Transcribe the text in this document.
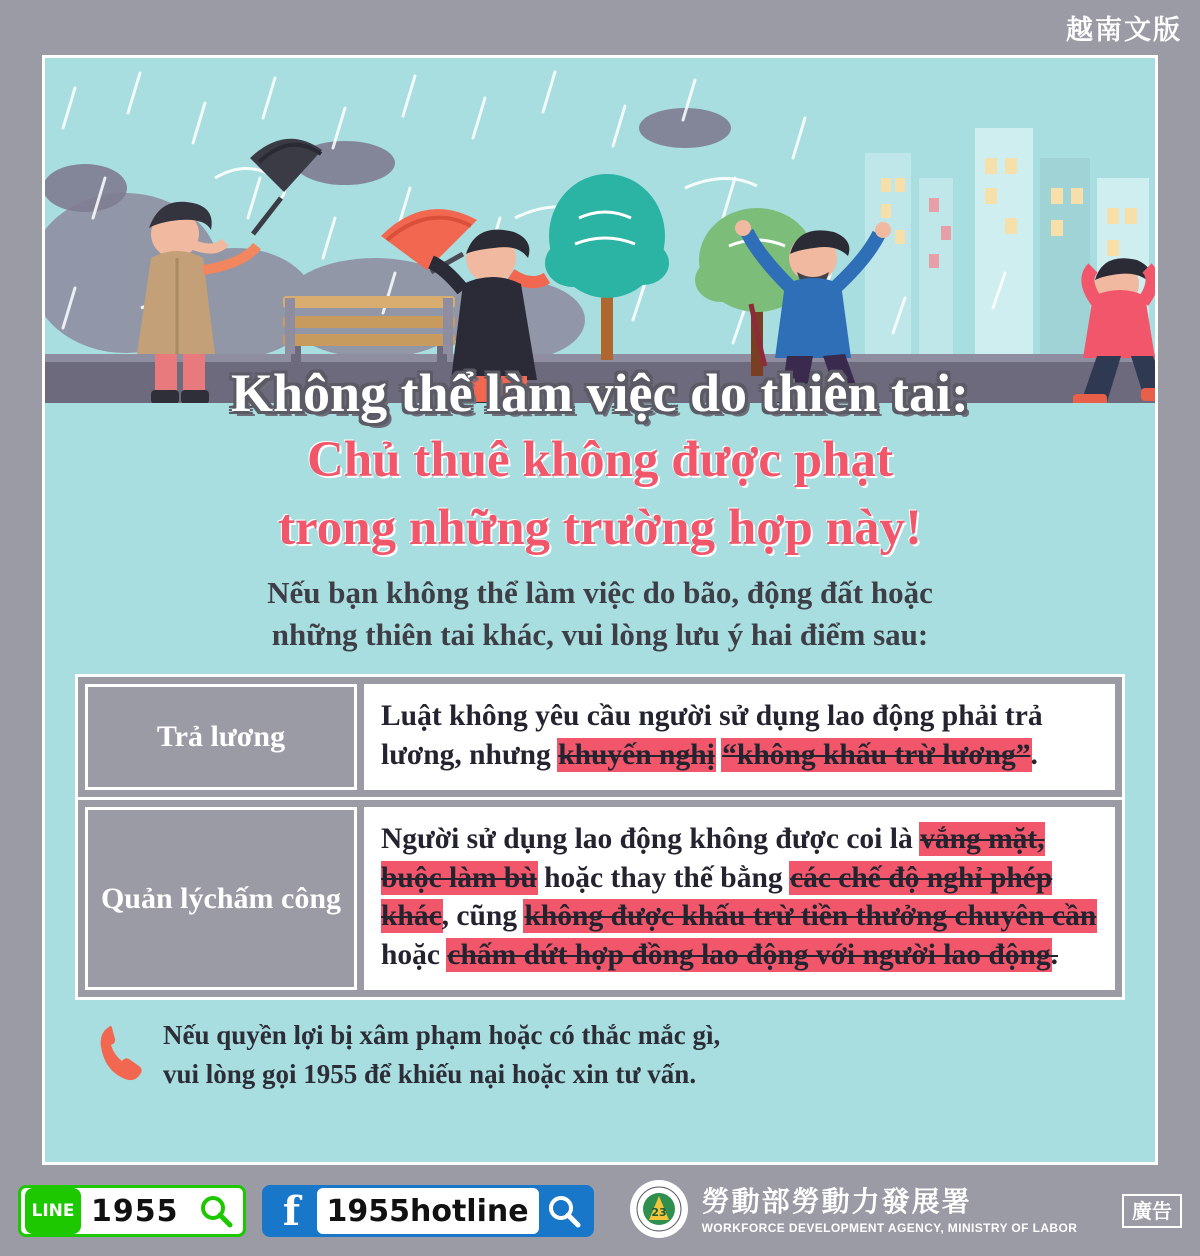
越南文版
Không thể làm việc do thiên tai:
Chủ thuê không được phạt
trong những trường hợp này!
Nếu bạn không thể làm việc do bão, động đất hoặc
những thiên tai khác, vui lòng lưu ý hai điểm sau:
Trả lương
Luật không yêu cầu người sử dụng lao động phải trả lương, nhưng khuyến nghị “không khấu trừ lương”.
Quản lý chấm công
Người sử dụng lao động không được coi là vắng mặt, buộc làm bù hoặc thay thế bằng các chế độ nghỉ phép khác, cũng không được khấu trừ tiền thưởng chuyên cần hoặc chấm dứt hợp đồng lao động với người lao động.
Nếu quyền lợi bị xâm phạm hoặc có thắc mắc gì,
vui lòng gọi 1955 để khiếu nại hoặc xin tư vấn.
LINE 1955	f 1955hotline	23 勞動部勞動力發展署
WORKFORCE DEVELOPMENT AGENCY, MINISTRY OF LABOR
廣告
